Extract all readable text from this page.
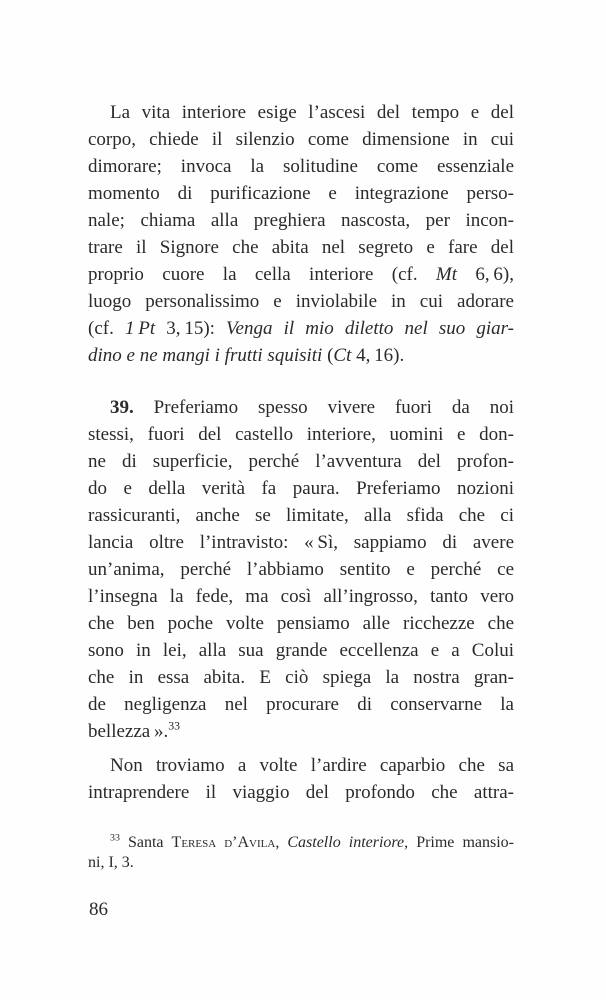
La vita interiore esige l’ascesi del tempo e del
corpo, chiede il silenzio come dimensione in cui
dimorare; invoca la solitudine come essenziale
momento di purificazione e integrazione perso-
nale; chiama alla preghiera nascosta, per incon-
trare il Signore che abita nel segreto e fare del
proprio cuore la cella interiore (cf. Mt 6, 6),
luogo personalissimo e inviolabile in cui adorare
(cf. 1 Pt 3, 15): Venga il mio diletto nel suo giar-
dino e ne mangi i frutti squisiti (Ct 4, 16).
39. Preferiamo spesso vivere fuori da noi
stessi, fuori del castello interiore, uomini e don-
ne di superficie, perché l’avventura del profon-
do e della verità fa paura. Preferiamo nozioni
rassicuranti, anche se limitate, alla sfida che ci
lancia oltre l’intravisto: « Sì, sappiamo di avere
un’anima, perché l’abbiamo sentito e perché ce
l’insegna la fede, ma così all’ingrosso, tanto vero
che ben poche volte pensiamo alle ricchezze che
sono in lei, alla sua grande eccellenza e a Colui
che in essa abita. E ciò spiega la nostra gran-
de negligenza nel procurare di conservarne la
bellezza ».$^{33}$
Non troviamo a volte l’ardire caparbio che sa
intraprendere il viaggio del profondo che attra-
$^{33}$ Santa Teresa d’Avila, Castello interiore, Prime mansio-
ni, I, 3.
86
